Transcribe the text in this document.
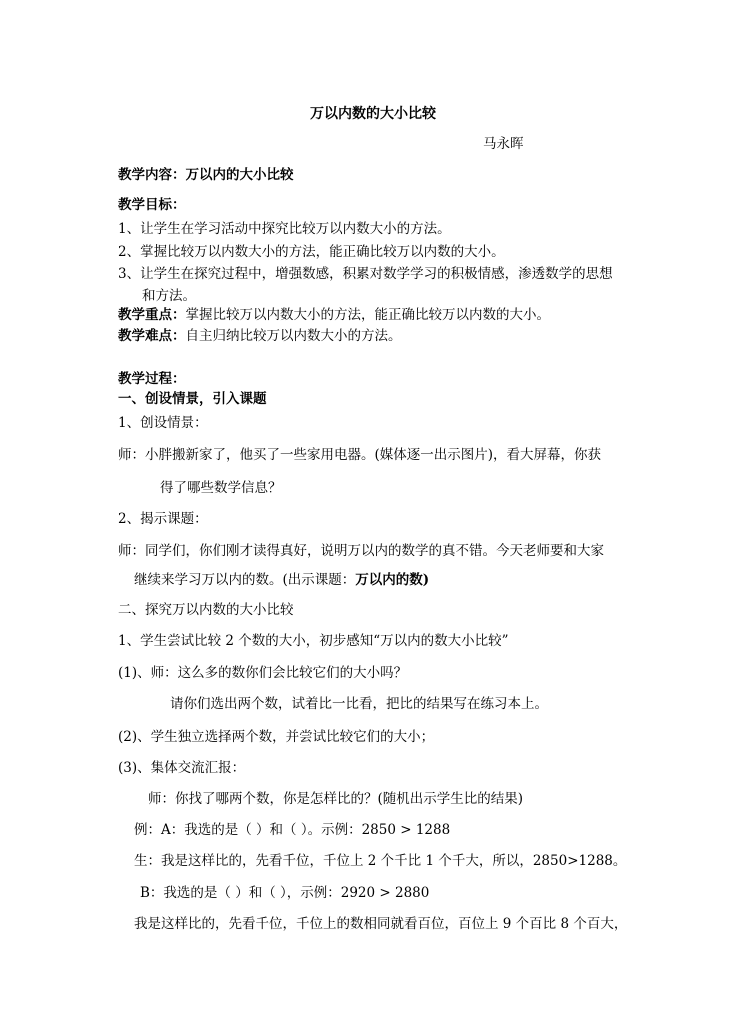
万以内数的大小比较
马永晖
教学内容：万以内的大小比较
教学目标：
1、让学生在学习活动中探究比较万以内数大小的方法。
2、掌握比较万以内数大小的方法，能正确比较万以内数的大小。
3、让学生在探究过程中，增强数感，积累对数学学习的积极情感，渗透数学的思想
和方法。
教学重点：掌握比较万以内数大小的方法，能正确比较万以内数的大小。
教学难点：自主归纳比较万以内数大小的方法。
教学过程：
一、创设情景，引入课题
1、创设情景：
师：小胖搬新家了，他买了一些家用电器。(媒体逐一出示图片)，看大屏幕，你获
得了哪些数学信息？
2、揭示课题：
师：同学们，你们刚才读得真好，说明万以内的数学的真不错。今天老师要和大家
继续来学习万以内的数。(出示课题：万以内的数)
二、探究万以内数的大小比较
1、学生尝试比较 2 个数的大小，初步感知“万以内的数大小比较”
(1)、师：这么多的数你们会比较它们的大小吗？
请你们选出两个数，试着比一比看，把比的结果写在练习本上。
(2)、学生独立选择两个数，并尝试比较它们的大小；
(3)、集体交流汇报：
师：你找了哪两个数，你是怎样比的？(随机出示学生比的结果)
例：A：我选的是（ ）和（ ）。示例：2850 > 1288
生：我是这样比的，先看千位，千位上 2 个千比 1 个千大，所以，2850>1288。
B：我选的是（ ）和（ ），示例：2920 > 2880
我是这样比的，先看千位，千位上的数相同就看百位，百位上 9 个百比 8 个百大，
